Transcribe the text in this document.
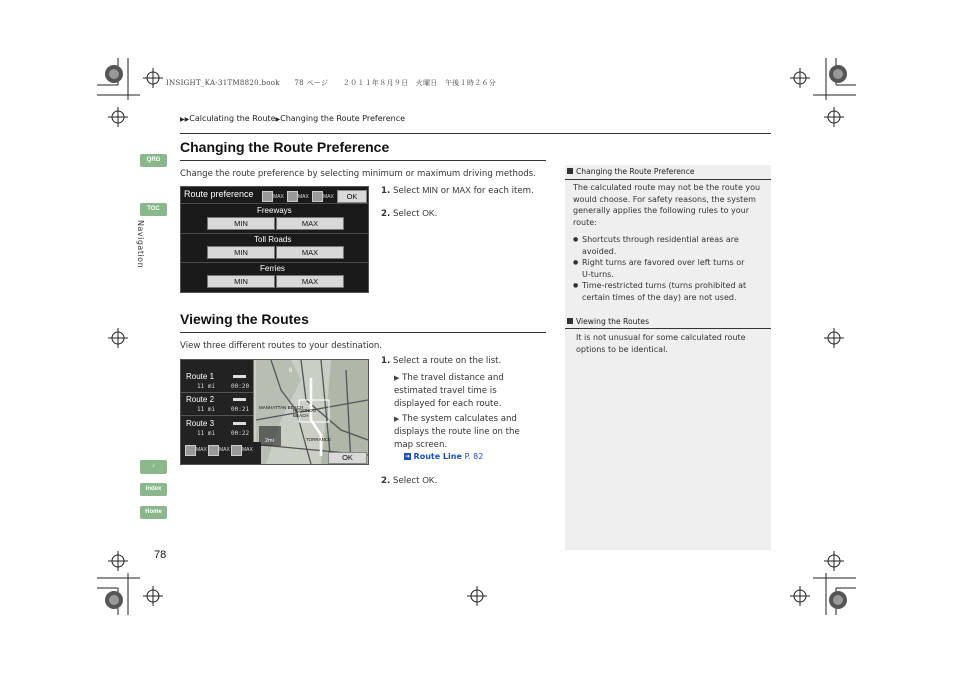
INSIGHT_KA-31TM8820.book　　78 ページ　　２０１１年８月９日　火曜日　午後１時２６分
▶▶Calculating the Route▶Changing the Route Preference
QRG
TOC
Navigation
♪
Index
Home
78
Changing the Route Preference
Change the route preference by selecting minimum or maximum driving methods.
Route preference	MAX	MAX	MAX	OK
Freeways
MIN	MAX
Toll Roads
MIN	MAX
Ferries
MIN	MAX
1. Select MIN or MAX for each item.
2. Select OK.
Viewing the Routes
View three different routes to your destination.
MANHATTAN BEACH
TORRANCE
REDONDO BEACH
6
Route 1
11 mi	00:20
Route 2
11 mi	00:21
Route 3
11 mi	00:22
2mi
MAX MAX MAX
OK
1. Select a route on the list.
▶ The travel distance and estimated travel time is displayed for each route.
▶ The system calculates and displays the route line on the map screen.
➜ Route Line P. 82
2. Select OK.
Changing the Route Preference
The calculated route may not be the route you would choose. For safety reasons, the system generally applies the following rules to your route:
● Shortcuts through residential areas are avoided.
● Right turns are favored over left turns or U-turns.
● Time-restricted turns (turns prohibited at certain times of the day) are not used.
Viewing the Routes
It is not unusual for some calculated route options to be identical.
